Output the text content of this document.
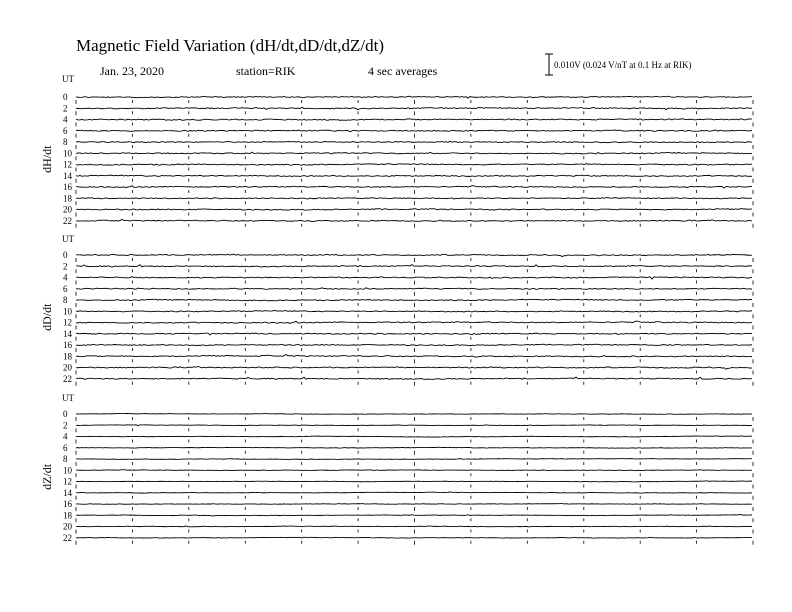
Magnetic Field Variation (dH/dt,dD/dt,dZ/dt)
Jan. 23, 2020	station=RIK	4 sec averages	0.010V (0.024 V/nT at 0.1 Hz at RIK)
UT
dH/dt
0
2
4
6
8
10
12
14
16
18
20
22
UT
dD/dt
0
2
4
6
8
10
12
14
16
18
20
22
UT
dZ/dt
0
2
4
6
8
10
12
14
16
18
20
22
